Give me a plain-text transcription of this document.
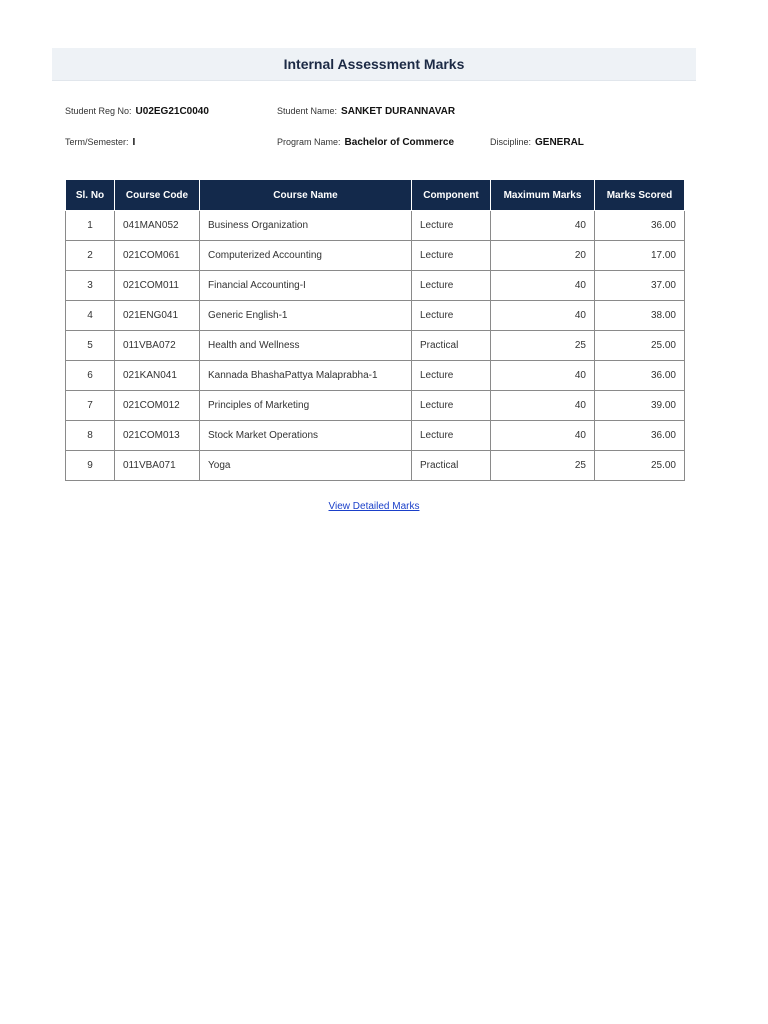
Internal Assessment Marks
Student Reg No: U02EG21C0040	Student Name: SANKET DURANNAVAR
Term/Semester: I	Program Name: Bachelor of Commerce	Discipline: GENERAL
Sl. No	Course Code	Course Name	Component	Maximum Marks	Marks Scored
1	041MAN052	Business Organization	Lecture	40	36.00
2	021COM061	Computerized Accounting	Lecture	20	17.00
3	021COM011	Financial Accounting-I	Lecture	40	37.00
4	021ENG041	Generic English-1	Lecture	40	38.00
5	011VBA072	Health and Wellness	Practical	25	25.00
6	021KAN041	Kannada BhashaPattya Malaprabha-1	Lecture	40	36.00
7	021COM012	Principles of Marketing	Lecture	40	39.00
8	021COM013	Stock Market Operations	Lecture	40	36.00
9	011VBA071	Yoga	Practical	25	25.00
View Detailed Marks
